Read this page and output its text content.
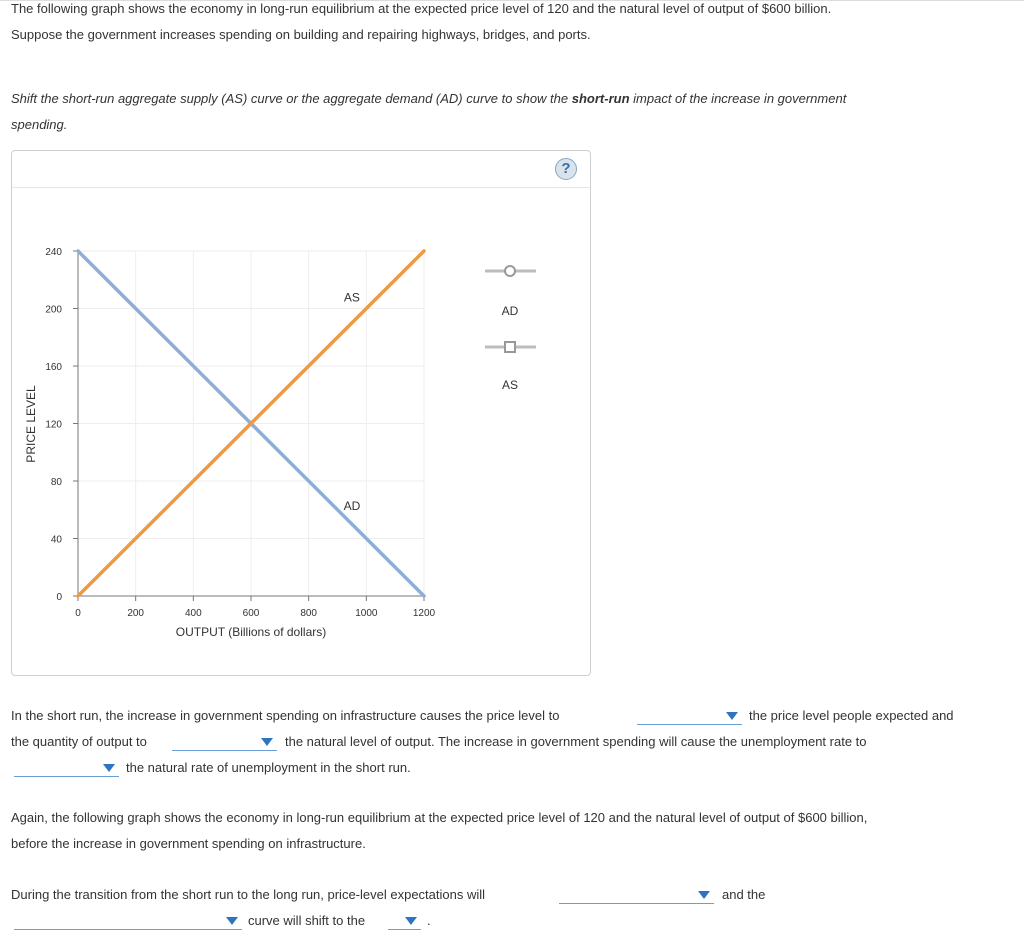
The following graph shows the economy in long-run equilibrium at the expected price level of 120 and the natural level of output of $600 billion.
Suppose the government increases spending on building and repairing highways, bridges, and ports.
Shift the short-run aggregate supply (AS) curve or the aggregate demand (AD) curve to show the short-run impact of the increase in government
spending.
?
0
40
80
120
160
200
240
0	200	400	600	800	1000	1200
AD
AS
PRICE LEVEL
OUTPUT (Billions of dollars)
AD
AS
In the short run, the increase in government spending on infrastructure causes the price level to	the price level people expected and
the quantity of output to	the natural level of output. The increase in government spending will cause the unemployment rate to
the natural rate of unemployment in the short run.
Again, the following graph shows the economy in long-run equilibrium at the expected price level of 120 and the natural level of output of $600 billion,
before the increase in government spending on infrastructure.
During the transition from the short run to the long run, price-level expectations will	and the
curve will shift to the	.
